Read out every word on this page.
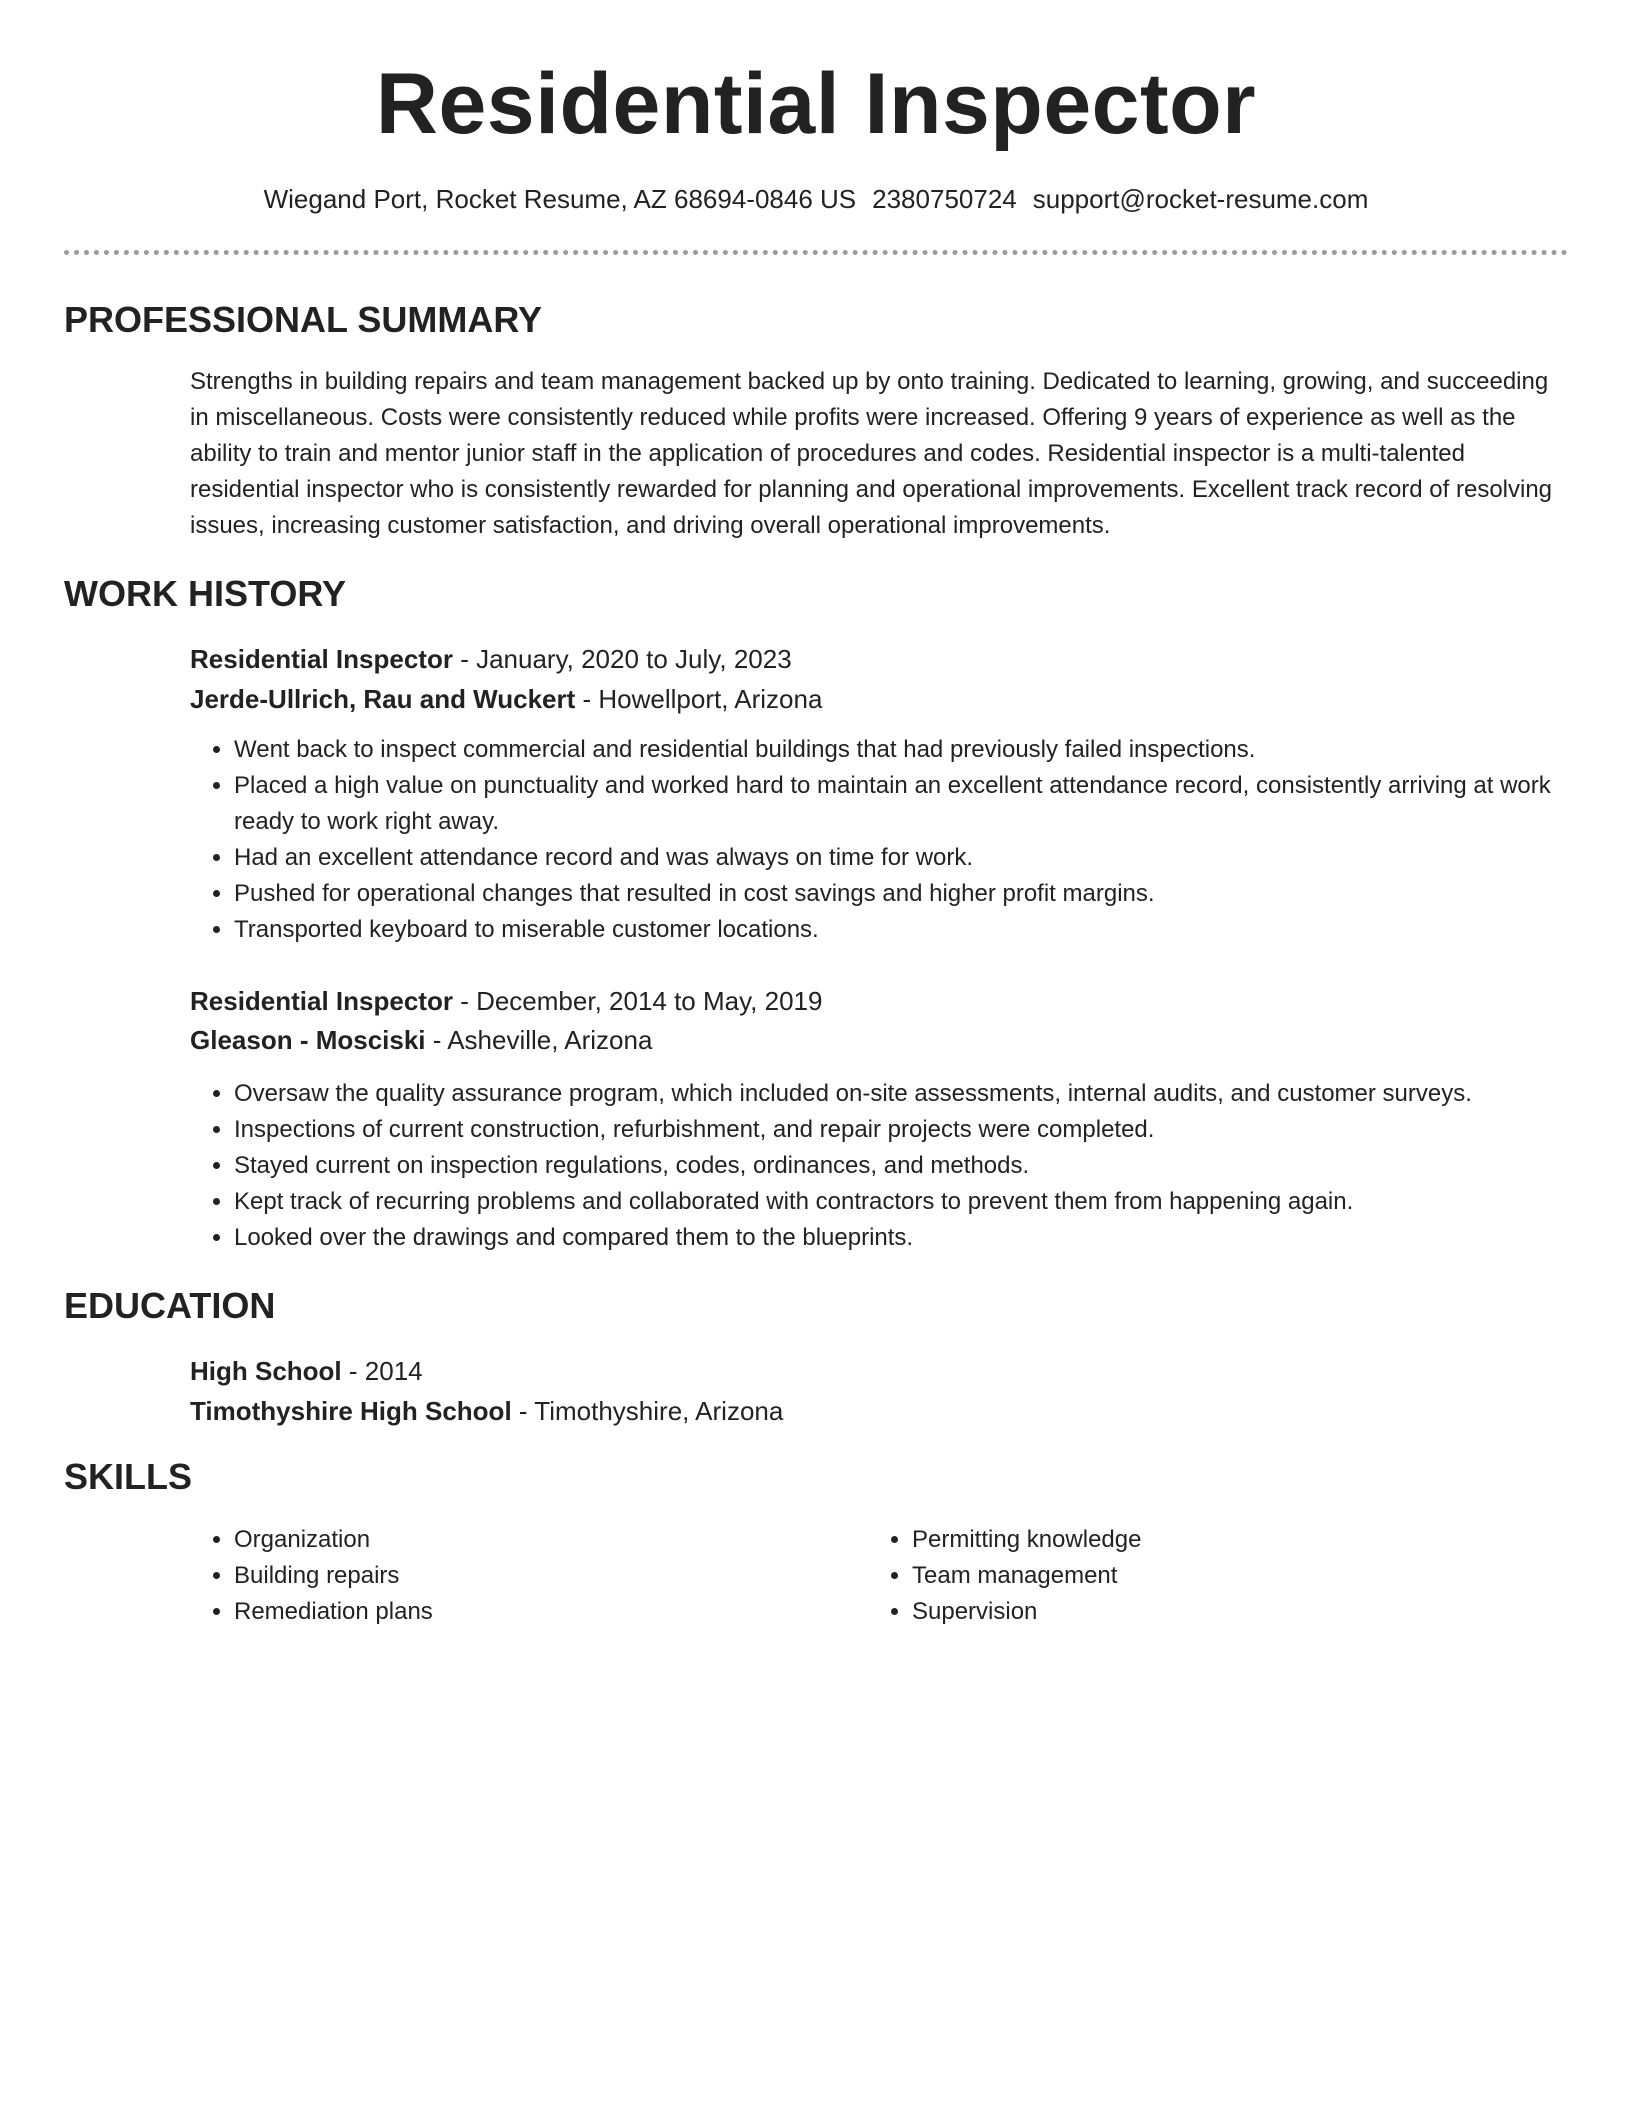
Residential Inspector
Wiegand Port, Rocket Resume, AZ 68694-0846 US 2380750724 support@rocket-resume.com
PROFESSIONAL SUMMARY

Strengths in building repairs and team management backed up by onto training. Dedicated to learning, growing, and succeeding in miscellaneous. Costs were consistently reduced while profits were increased. Offering 9 years of experience as well as the ability to train and mentor junior staff in the application of procedures and codes. Residential inspector is a multi-talented residential inspector who is consistently rewarded for planning and operational improvements. Excellent track record of resolving issues, increasing customer satisfaction, and driving overall operational improvements.

WORK HISTORY
Residential Inspector - January, 2020 to July, 2023
Jerde-Ullrich, Rau and Wuckert - Howellport, Arizona
• Went back to inspect commercial and residential buildings that had previously failed inspections.
• Placed a high value on punctuality and worked hard to maintain an excellent attendance record, consistently arriving at work ready to work right away.
• Had an excellent attendance record and was always on time for work.
• Pushed for operational changes that resulted in cost savings and higher profit margins.
• Transported keyboard to miserable customer locations.
Residential Inspector - December, 2014 to May, 2019
Gleason - Mosciski - Asheville, Arizona
• Oversaw the quality assurance program, which included on-site assessments, internal audits, and customer surveys.
• Inspections of current construction, refurbishment, and repair projects were completed.
• Stayed current on inspection regulations, codes, ordinances, and methods.
• Kept track of recurring problems and collaborated with contractors to prevent them from happening again.
• Looked over the drawings and compared them to the blueprints.
EDUCATION
High School - 2014
Timothyshire High School - Timothyshire, Arizona
SKILLS
• Organization
• Building repairs
• Remediation plans
• Permitting knowledge
• Team management
• Supervision
